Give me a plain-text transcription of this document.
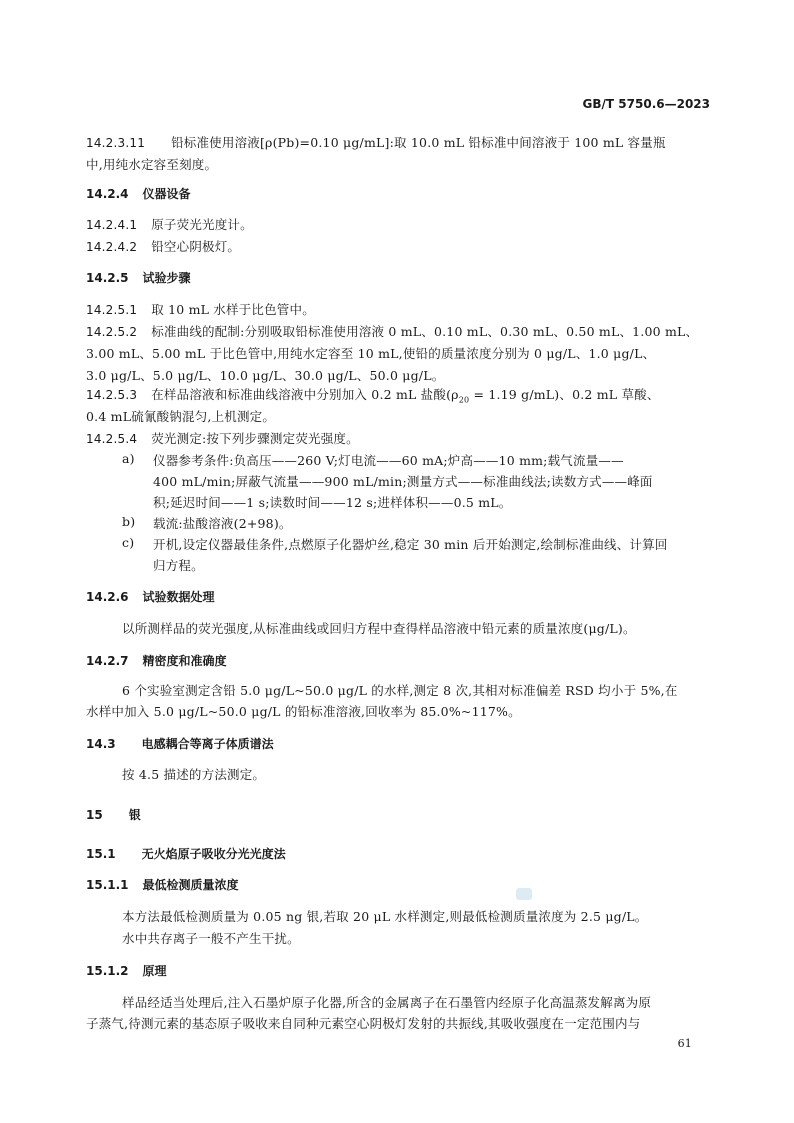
GB/T 5750.6—2023
14.2.3.11 铅标准使用溶液[ρ(Pb)=0.10 μg/mL]:取 10.0 mL 铅标准中间溶液于 100 mL 容量瓶
中,用纯水定容至刻度。
14.2.4 仪器设备
14.2.4.1 原子荧光光度计。
14.2.4.2 铅空心阴极灯。
14.2.5 试验步骤
14.2.5.1 取 10 mL 水样于比色管中。
14.2.5.2 标准曲线的配制:分别吸取铅标准使用溶液 0 mL、0.10 mL、0.30 mL、0.50 mL、1.00 mL、
3.00 mL、5.00 mL 于比色管中,用纯水定容至 10 mL,使铅的质量浓度分别为 0 μg/L、1.0 μg/L、
3.0 μg/L、5.0 μg/L、10.0 μg/L、30.0 μg/L、50.0 μg/L。
14.2.5.3 在样品溶液和标准曲线溶液中分别加入 0.2 mL 盐酸($\rho_{20} = 1.19$ g/mL)、0.2 mL 草酸、
0.4 mL硫氰酸钠混匀,上机测定。
14.2.5.4 荧光测定:按下列步骤测定荧光强度。
a) 仪器参考条件:负高压——260 V;灯电流——60 mA;炉高——10 mm;载气流量——
400 mL/min;屏蔽气流量——900 mL/min;测量方式——标准曲线法;读数方式——峰面
积;延迟时间——1 s;读数时间——12 s;进样体积——0.5 mL。
b) 载流:盐酸溶液(2+98)。
c) 开机,设定仪器最佳条件,点燃原子化器炉丝,稳定 30 min 后开始测定,绘制标准曲线、计算回
归方程。
14.2.6 试验数据处理
以所测样品的荧光强度,从标准曲线或回归方程中查得样品溶液中铅元素的质量浓度(μg/L)。
14.2.7 精密度和准确度
6 个实验室测定含铅 5.0 μg/L~50.0 μg/L 的水样,测定 8 次,其相对标准偏差 RSD 均小于 5%,在
水样中加入 5.0 μg/L~50.0 μg/L 的铅标准溶液,回收率为 85.0%~117%。
14.3 电感耦合等离子体质谱法
按 4.5 描述的方法测定。
15 银
15.1 无火焰原子吸收分光光度法
15.1.1 最低检测质量浓度
本方法最低检测质量为 0.05 ng 银,若取 20 μL 水样测定,则最低检测质量浓度为 2.5 μg/L。
水中共存离子一般不产生干扰。
15.1.2 原理
样品经适当处理后,注入石墨炉原子化器,所含的金属离子在石墨管内经原子化高温蒸发解离为原
子蒸气,待测元素的基态原子吸收来自同种元素空心阴极灯发射的共振线,其吸收强度在一定范围内与
61
